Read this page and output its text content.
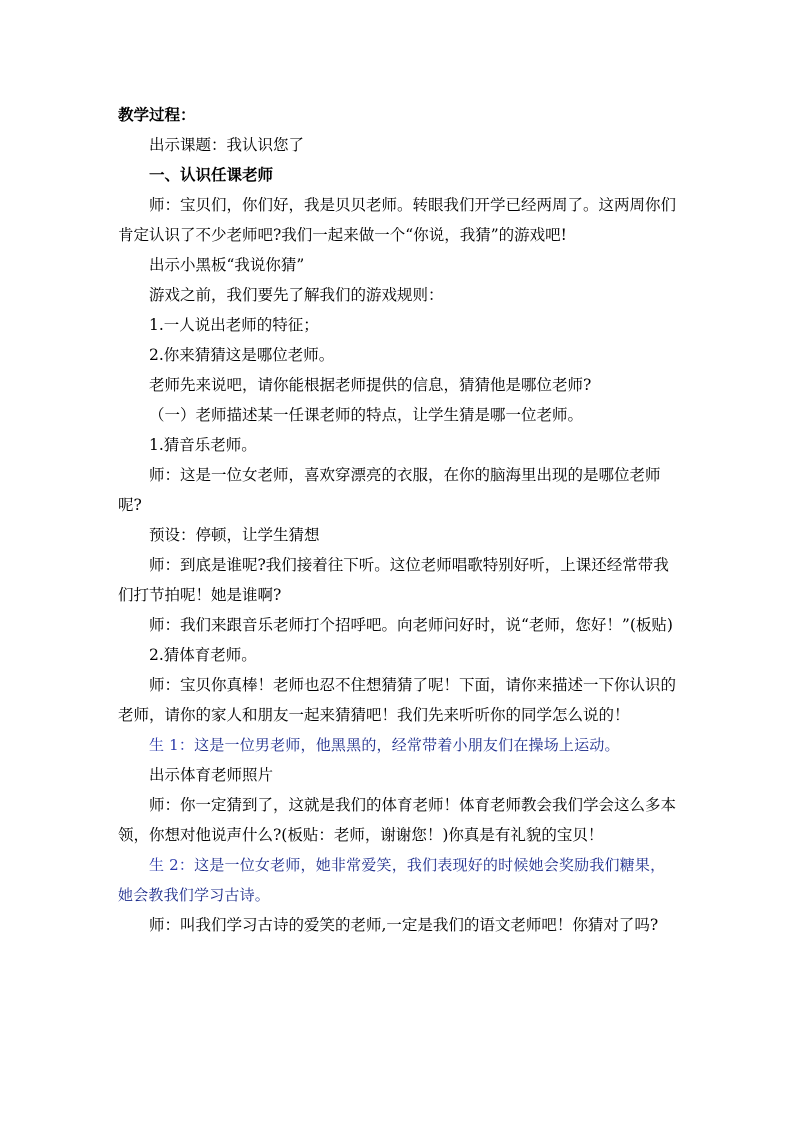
教学过程：

出示课题：我认识您了

一、认识任课老师

师：宝贝们，你们好，我是贝贝老师。转眼我们开学已经两周了。这两周你们肯定认识了不少老师吧?我们一起来做一个“你说，我猜”的游戏吧!

出示小黑板“我说你猜”

游戏之前，我们要先了解我们的游戏规则：

1.一人说出老师的特征；

2.你来猜猜这是哪位老师。

老师先来说吧，请你能根据老师提供的信息，猜猜他是哪位老师?

（一）老师描述某一任课老师的特点，让学生猜是哪一位老师。

1.猜音乐老师。

师：这是一位女老师，喜欢穿漂亮的衣服，在你的脑海里出现的是哪位老师呢?

预设：停顿，让学生猜想

师：到底是谁呢?我们接着往下听。这位老师唱歌特别好听，上课还经常带我们打节拍呢！她是谁啊?

师：我们来跟音乐老师打个招呼吧。向老师问好时，说“老师，您好！”(板贴)

2.猜体育老师。

师：宝贝你真棒！老师也忍不住想猜猜了呢！下面，请你来描述一下你认识的老师，请你的家人和朋友一起来猜猜吧！我们先来听听你的同学怎么说的！

生 1：这是一位男老师，他黑黑的，经常带着小朋友们在操场上运动。

出示体育老师照片

师：你一定猜到了，这就是我们的体育老师！体育老师教会我们学会这么多本领，你想对他说声什么?(板贴：老师，谢谢您！)你真是有礼貌的宝贝！

生 2：这是一位女老师，她非常爱笑，我们表现好的时候她会奖励我们糖果，她会教我们学习古诗。

师：叫我们学习古诗的爱笑的老师,一定是我们的语文老师吧！你猜对了吗?
